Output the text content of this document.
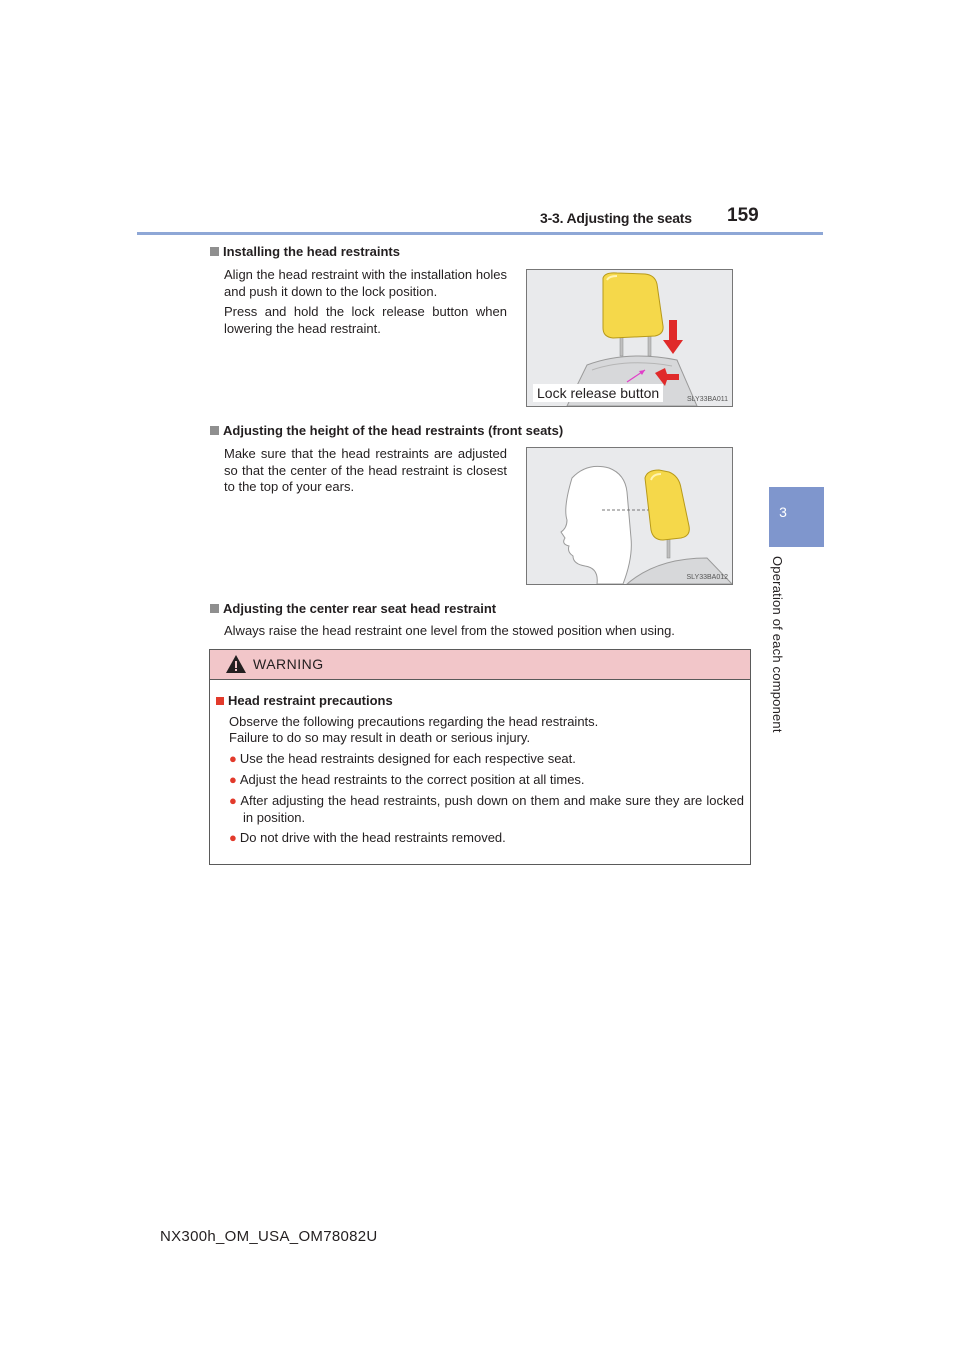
3-3. Adjusting the seats 159
3
Operation of each component
Installing the head restraints
Align the head restraint with the installation holes and push it down to the lock position.
Press and hold the lock release button when lowering the head restraint.
Lock release button	SLY33BA011
Adjusting the height of the head restraints (front seats)
Make sure that the head restraints are adjusted so that the center of the head restraint is closest to the top of your ears.
SLY33BA012
Adjusting the center rear seat head restraint
Always raise the head restraint one level from the stowed position when using.
WARNING
Head restraint precautions
Observe the following precautions regarding the head restraints.
Failure to do so may result in death or serious injury.
● Use the head restraints designed for each respective seat.
● Adjust the head restraints to the correct position at all times.
● After adjusting the head restraints, push down on them and make sure they are locked in position.
● Do not drive with the head restraints removed.
NX300h_OM_USA_OM78082U
